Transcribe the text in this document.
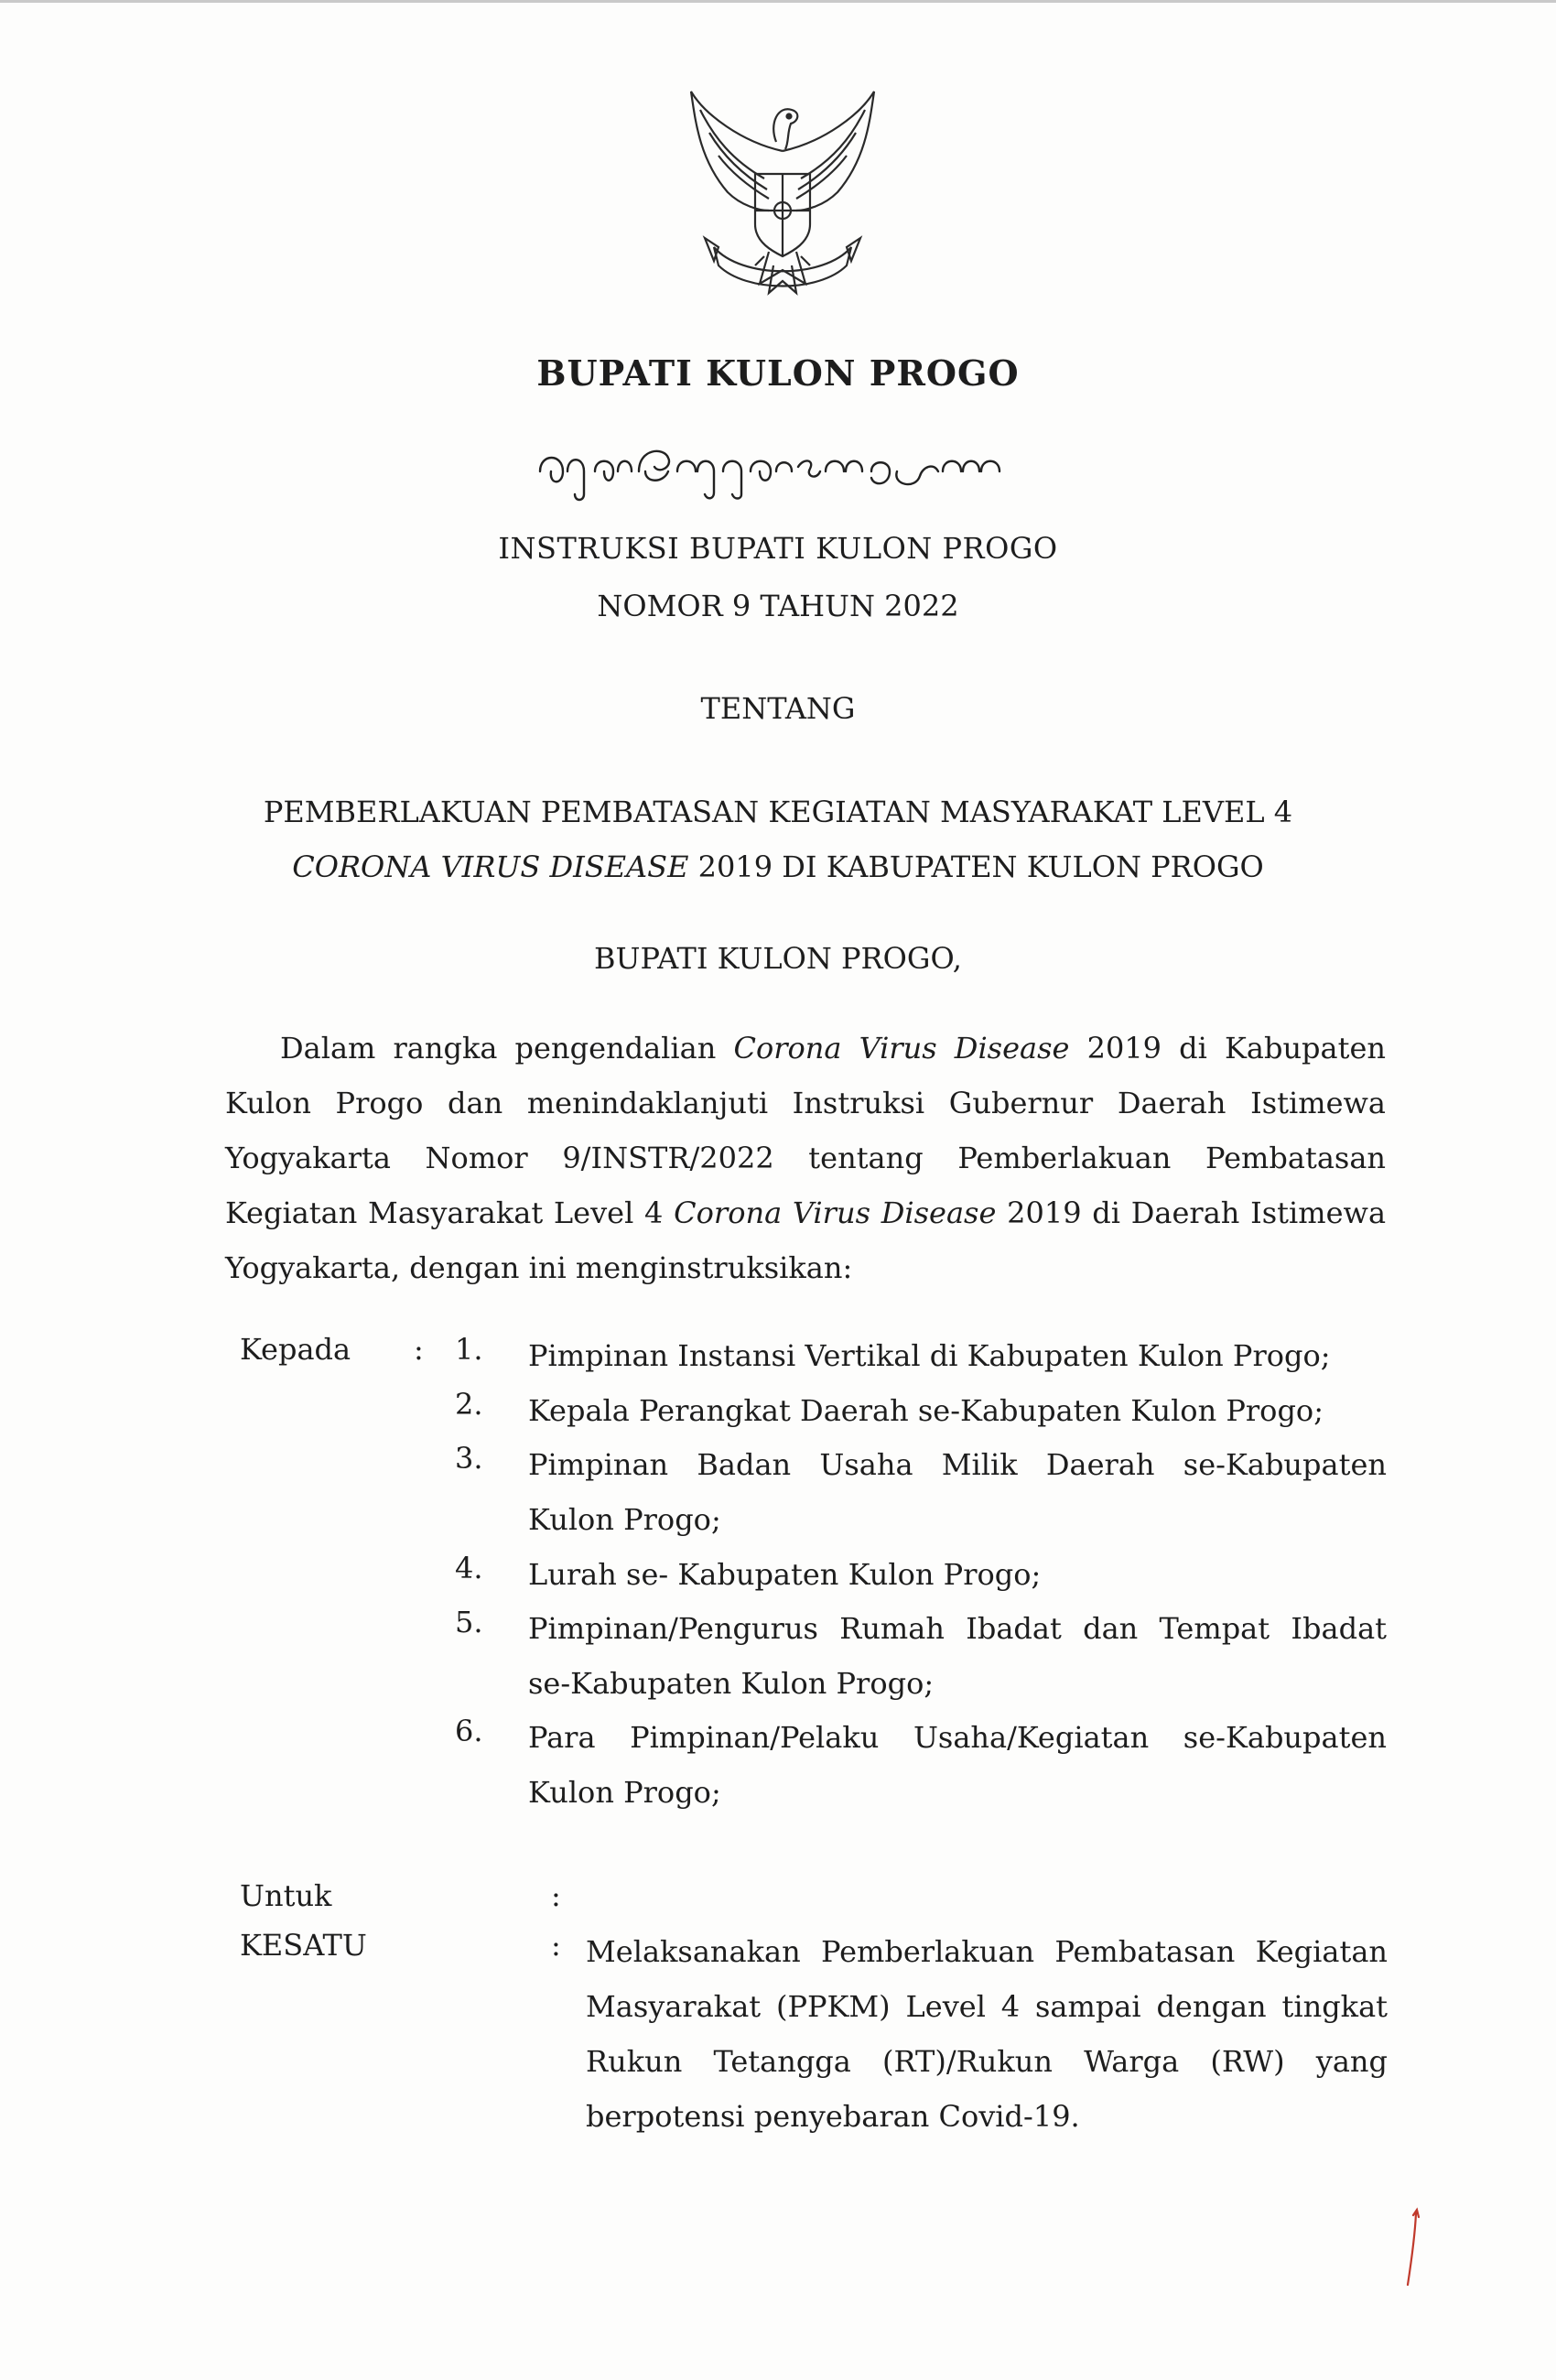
BUPATI KULON PROGO
INSTRUKSI BUPATI KULON PROGO
NOMOR 9 TAHUN 2022
TENTANG
PEMBERLAKUAN PEMBATASAN KEGIATAN MASYARAKAT LEVEL 4
CORONA VIRUS DISEASE 2019 DI KABUPATEN KULON PROGO
BUPATI KULON PROGO,
Dalam rangka pengendalian Corona Virus Disease 2019 di Kabupaten
Kulon Progo dan menindaklanjuti Instruksi Gubernur Daerah Istimewa
Yogyakarta Nomor 9/INSTR/2022 tentang Pemberlakuan Pembatasan
Kegiatan Masyarakat Level 4 Corona Virus Disease 2019 di Daerah Istimewa
Yogyakarta, dengan ini menginstruksikan:
Kepada : 1. Pimpinan Instansi Vertikal di Kabupaten Kulon Progo;
2. Kepala Perangkat Daerah se-Kabupaten Kulon Progo;
3. Pimpinan Badan Usaha Milik Daerah se-Kabupaten
Kulon Progo;
4. Lurah se- Kabupaten Kulon Progo;
5. Pimpinan/Pengurus Rumah Ibadat dan Tempat Ibadat
se-Kabupaten Kulon Progo;
6. Para Pimpinan/Pelaku Usaha/Kegiatan se-Kabupaten
Kulon Progo;
Untuk	:
KESATU	: Melaksanakan Pemberlakuan Pembatasan Kegiatan
Masyarakat (PPKM) Level 4 sampai dengan tingkat
Rukun Tetangga (RT)/Rukun Warga (RW) yang
berpotensi penyebaran Covid-19.
